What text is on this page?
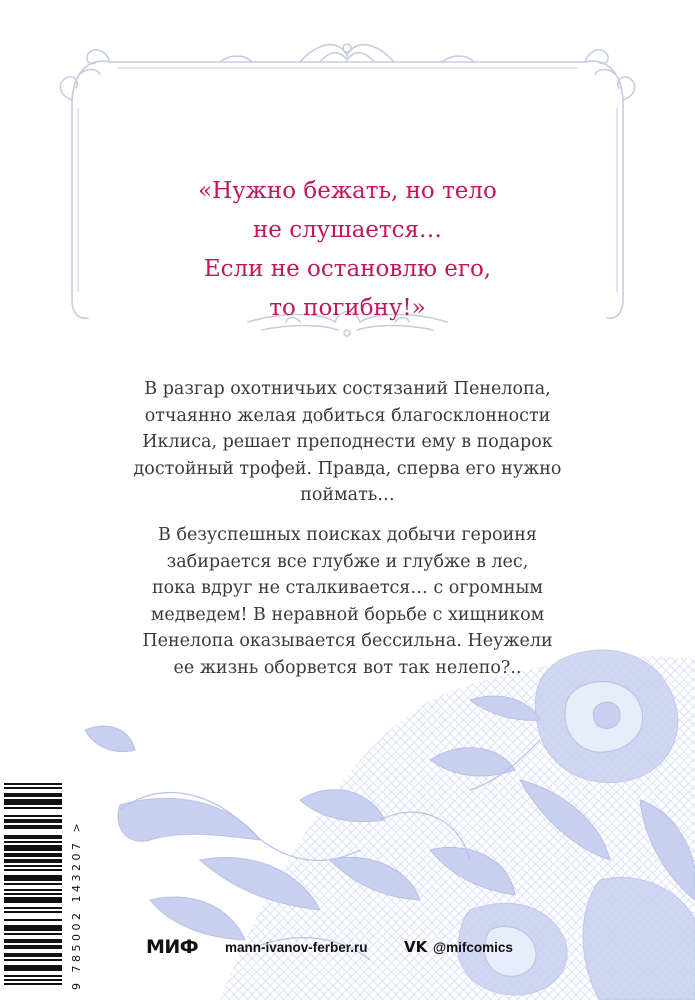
«Нужно бежать, но тело
не слушается…
Если не остановлю его,
то погибну!»
В разгар охотничьих состязаний Пенелопа,
отчаянно желая добиться благосклонности
Иклиса, решает преподнести ему в подарок
достойный трофей. Правда, сперва его нужно
поймать…
В безуспешных поисках добычи героиня
забирается все глубже и глубже в лес,
пока вдруг не сталкивается… с огромным
медведем! В неравной борьбе с хищником
Пенелопа оказывается бессильна. Неужели
ее жизнь оборвется вот так нелепо?..
9 785002 143207 >	МИФ mann-ivanov-ferber.ru VK @mifcomics
